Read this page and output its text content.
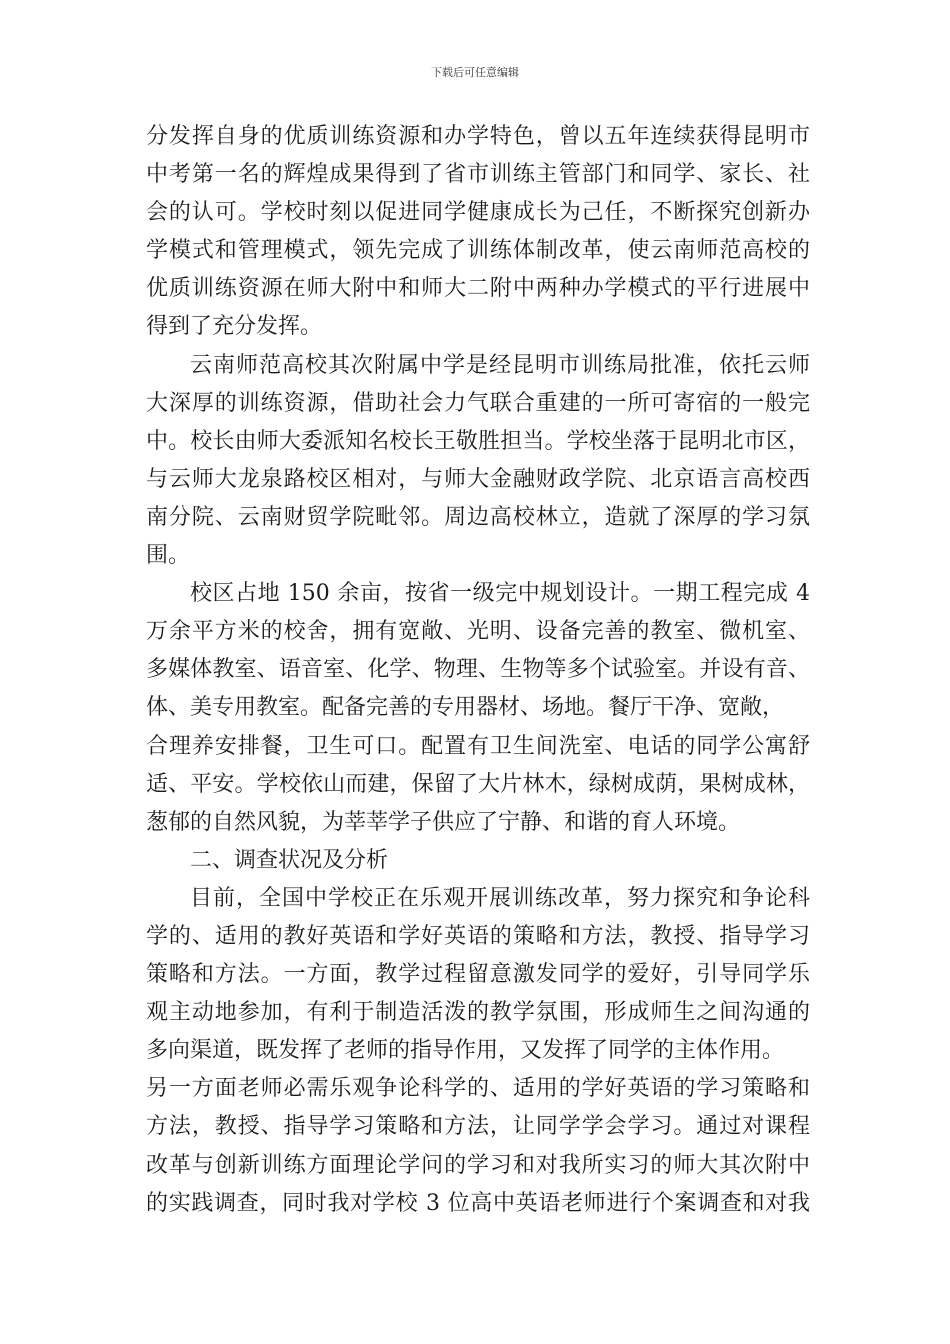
下载后可任意编辑
分发挥自身的优质训练资源和办学特色，曾以五年连续获得昆明市
中考第一名的辉煌成果得到了省市训练主管部门和同学、家长、社
会的认可。学校时刻以促进同学健康成长为己任，不断探究创新办
学模式和管理模式，领先完成了训练体制改革，使云南师范高校的
优质训练资源在师大附中和师大二附中两种办学模式的平行进展中
得到了充分发挥。
云南师范高校其次附属中学是经昆明市训练局批准，依托云师
大深厚的训练资源，借助社会力气联合重建的一所可寄宿的一般完
中。校长由师大委派知名校长王敬胜担当。学校坐落于昆明北市区，
与云师大龙泉路校区相对，与师大金融财政学院、北京语言高校西
南分院、云南财贸学院毗邻。周边高校林立，造就了深厚的学习氛
围。
校区占地 150 余亩，按省一级完中规划设计。一期工程完成 4
万余平方米的校舍，拥有宽敞、光明、设备完善的教室、微机室、
多媒体教室、语音室、化学、物理、生物等多个试验室。并设有音、
体、美专用教室。配备完善的专用器材、场地。餐厅干净、宽敞，
合理养安排餐，卫生可口。配置有卫生间洗室、电话的同学公寓舒
适、平安。学校依山而建，保留了大片林木，绿树成荫，果树成林，
葱郁的自然风貌，为莘莘学子供应了宁静、和谐的育人环境。
二、调查状况及分析
目前，全国中学校正在乐观开展训练改革，努力探究和争论科
学的、适用的教好英语和学好英语的策略和方法，教授、指导学习
策略和方法。一方面，教学过程留意激发同学的爱好，引导同学乐
观主动地参加，有利于制造活泼的教学氛围，形成师生之间沟通的
多向渠道，既发挥了老师的指导作用，又发挥了同学的主体作用。
另一方面老师必需乐观争论科学的、适用的学好英语的学习策略和
方法，教授、指导学习策略和方法，让同学学会学习。通过对课程
改革与创新训练方面理论学问的学习和对我所实习的师大其次附中
的实践调查，同时我对学校 3 位高中英语老师进行个案调查和对我
